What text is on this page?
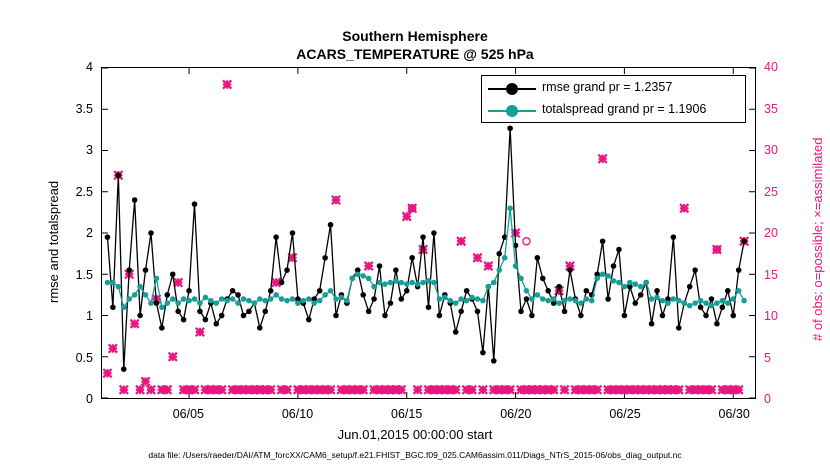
Southern Hemisphere
ACARS_TEMPERATURE @ 525 hPa
rmse and totalspread	# of obs: o=possible; ×=assimilated
0
0.5
1
1.5
2
2.5
3
3.5
4
0
5
10
15
20
25
30
35
40
06/05	06/10	06/15	06/20	06/25	06/30
rmse grand pr = 1.2357
totalspread grand pr = 1.1906
Jun.01,2015 00:00:00 start
data file: /Users/raeder/DAI/ATM_forcXX/CAM6_setup/f.e21.FHIST_BGC.f09_025.CAM6assim.011/Diags_NTrS_2015-06/obs_diag_output.nc
